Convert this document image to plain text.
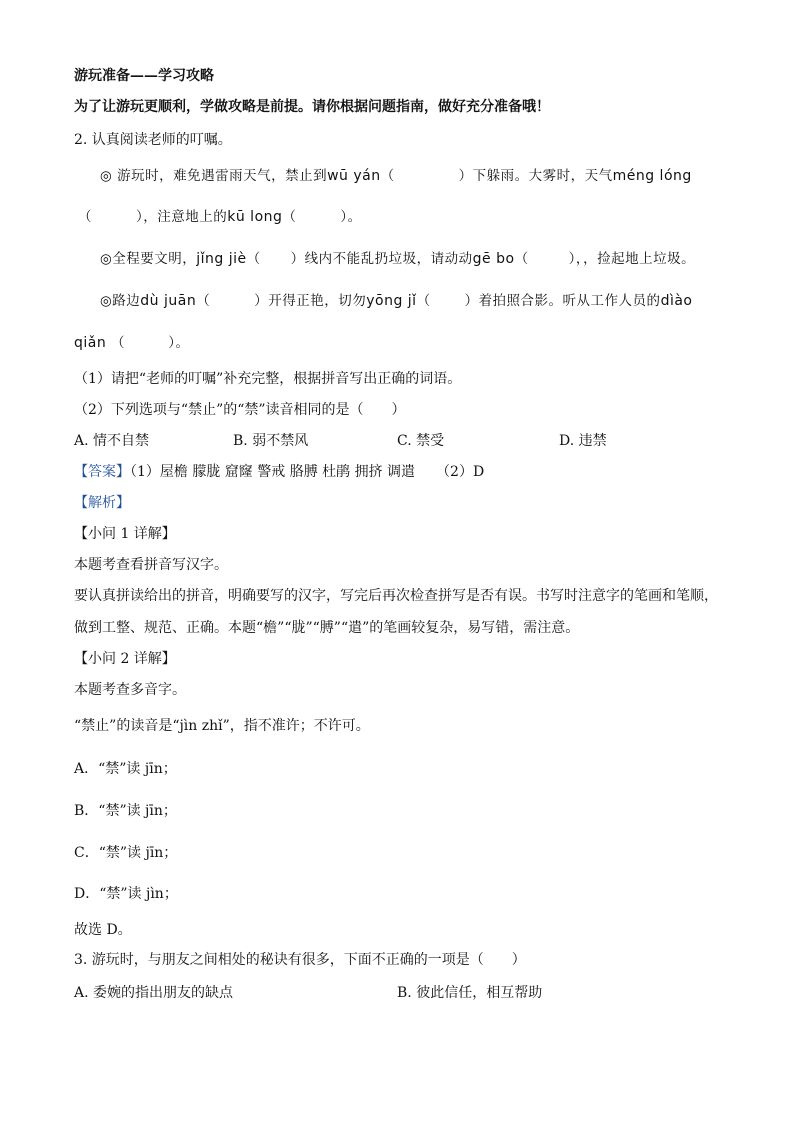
游玩准备——学习攻略
为了让游玩更顺利，学做攻略是前提。请你根据问题指南，做好充分准备哦！
2. 认真阅读老师的叮嘱。
◎ 游玩时，难免遇雷雨天气，禁止到wū yán（　　	）下躲雨。大雾时，天气méng lóng
（	），注意地上的kū long（	）。
◎全程要文明，jǐng jiè（ ）线内不能乱扔垃圾，请动动gē bo（	），，捡起地上垃圾。
◎路边dù juān（	）开得正艳，切勿yōng jǐ（	）着拍照合影。听从工作人员的dìào
qiǎn （	）。
（1）请把“老师的叮嘱”补充完整，根据拼音写出正确的词语。
（2）下列选项与“禁止”的“禁”读音相同的是（　　）
A. 情不自禁	B. 弱不禁风	C. 禁受	D. 违禁
【答案】（1）屋檐 朦胧 窟窿 警戒 胳膊 杜鹃 拥挤 调遣　　（2）D
【解析】
【小问 1 详解】
本题考查看拼音写汉字。
要认真拼读给出的拼音，明确要写的汉字，写完后再次检查拼写是否有误。书写时注意字的笔画和笔顺，
做到工整、规范、正确。本题“檐”“胧”“膊”“遣”的笔画较复杂，易写错，需注意。
【小问 2 详解】
本题考查多音字。
“禁止”的读音是“jìn zhǐ”，指不准许；不许可。
A．“禁”读 jīn；
B．“禁”读 jīn；
C．“禁”读 jīn；
D．“禁”读 jìn；
故选 D。
3. 游玩时，与朋友之间相处的秘诀有很多，下面不正确的一项是（　　）
A. 委婉的指出朋友的缺点	B. 彼此信任，相互帮助
